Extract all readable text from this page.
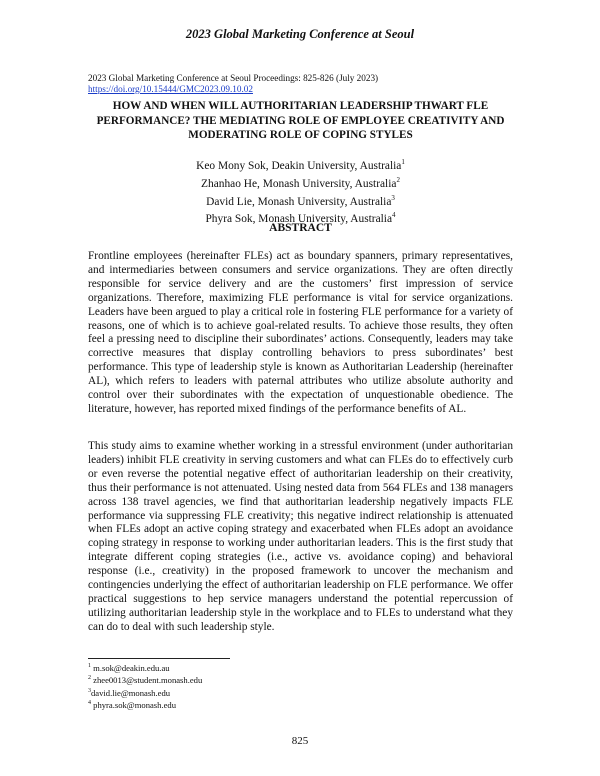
2023 Global Marketing Conference at Seoul
2023 Global Marketing Conference at Seoul Proceedings: 825-826 (July 2023)
https://doi.org/10.15444/GMC2023.09.10.02
HOW AND WHEN WILL AUTHORITARIAN LEADERSHIP THWART FLE PERFORMANCE? THE MEDIATING ROLE OF EMPLOYEE CREATIVITY AND MODERATING ROLE OF COPING STYLES
Keo Mony Sok, Deakin University, Australia$^1$
Zhanhao He, Monash University, Australia$^2$
David Lie, Monash University, Australia$^3$
Phyra Sok, Monash University, Australia$^4$
ABSTRACT

Frontline employees (hereinafter FLEs) act as boundary spanners, primary representatives, and intermediaries between consumers and service organizations. They are often directly responsible for service delivery and are the customers’ first impression of service organizations. Therefore, maximizing FLE performance is vital for service organizations. Leaders have been argued to play a critical role in fostering FLE performance for a variety of reasons, one of which is to achieve goal-related results. To achieve those results, they often feel a pressing need to discipline their subordinates’ actions. Consequently, leaders may take corrective measures that display controlling behaviors to press subordinates’ best performance. This type of leadership style is known as Authoritarian Leadership (hereinafter AL), which refers to leaders with paternal attributes who utilize absolute authority and control over their subordinates with the expectation of unquestionable obedience. The literature, however, has reported mixed findings of the performance benefits of AL.

This study aims to examine whether working in a stressful environment (under authoritarian leaders) inhibit FLE creativity in serving customers and what can FLEs do to effectively curb or even reverse the potential negative effect of authoritarian leadership on their creativity, thus their performance is not attenuated. Using nested data from 564 FLEs and 138 managers across 138 travel agencies, we find that authoritarian leadership negatively impacts FLE performance via suppressing FLE creativity; this negative indirect relationship is attenuated when FLEs adopt an active coping strategy and exacerbated when FLEs adopt an avoidance coping strategy in response to working under authoritarian leaders. This is the first study that integrate different coping strategies (i.e., active vs. avoidance coping) and behavioral response (i.e., creativity) in the proposed framework to uncover the mechanism and contingencies underlying the effect of authoritarian leadership on FLE performance. We offer practical suggestions to hep service managers understand the potential repercussion of utilizing authoritarian leadership style in the workplace and to FLEs to understand what they can do to deal with such leadership style.

$^1$ m.sok@deakin.edu.au
$^2$ zhee0013@student.monash.edu
$^3$david.lie@monash.edu
$^4$ phyra.sok@monash.edu
825
